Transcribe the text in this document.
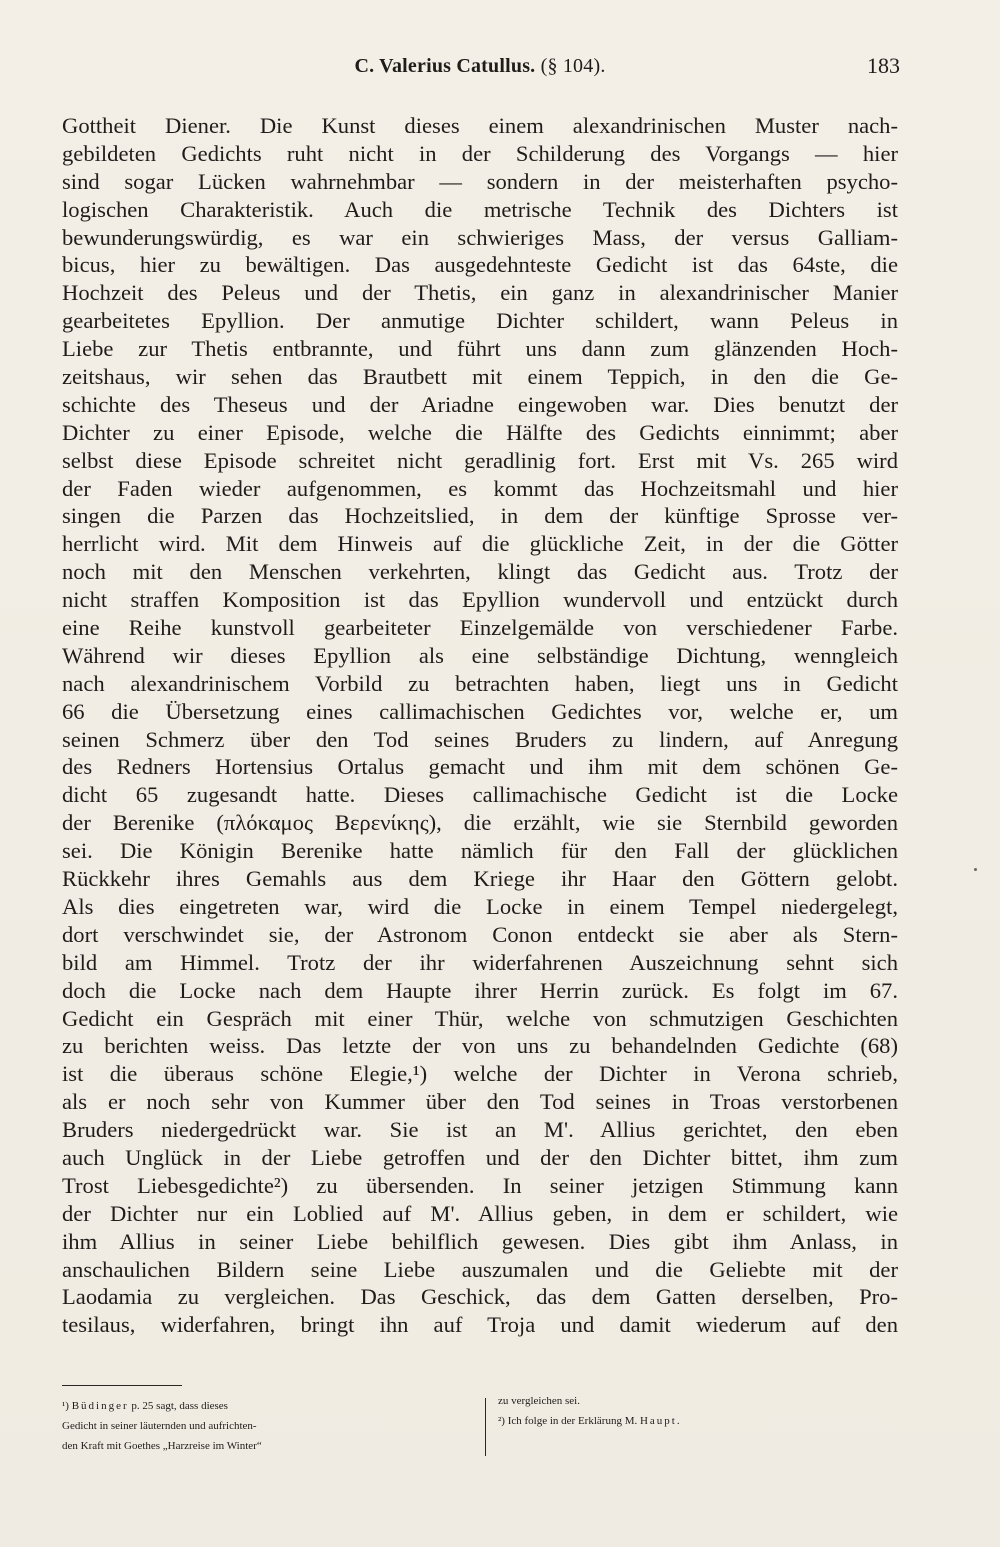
C. Valerius Catullus. (§ 104).	183
Gottheit Diener. Die Kunst dieses einem alexandrinischen Muster nach-
gebildeten Gedichts ruht nicht in der Schilderung des Vorgangs — hier
sind sogar Lücken wahrnehmbar — sondern in der meisterhaften psycho-
logischen Charakteristik. Auch die metrische Technik des Dichters ist
bewunderungswürdig, es war ein schwieriges Mass, der versus Galliam-
bicus, hier zu bewältigen. Das ausgedehnteste Gedicht ist das 64ste, die
Hochzeit des Peleus und der Thetis, ein ganz in alexandrinischer Manier
gearbeitetes Epyllion. Der anmutige Dichter schildert, wann Peleus in
Liebe zur Thetis entbrannte, und führt uns dann zum glänzenden Hoch-
zeitshaus, wir sehen das Brautbett mit einem Teppich, in den die Ge-
schichte des Theseus und der Ariadne eingewoben war. Dies benutzt der
Dichter zu einer Episode, welche die Hälfte des Gedichts einnimmt; aber
selbst diese Episode schreitet nicht geradlinig fort. Erst mit Vs. 265 wird
der Faden wieder aufgenommen, es kommt das Hochzeitsmahl und hier
singen die Parzen das Hochzeitslied, in dem der künftige Sprosse ver-
herrlicht wird. Mit dem Hinweis auf die glückliche Zeit, in der die Götter
noch mit den Menschen verkehrten, klingt das Gedicht aus. Trotz der
nicht straffen Komposition ist das Epyllion wundervoll und entzückt durch
eine Reihe kunstvoll gearbeiteter Einzelgemälde von verschiedener Farbe.
Während wir dieses Epyllion als eine selbständige Dichtung, wenngleich
nach alexandrinischem Vorbild zu betrachten haben, liegt uns in Gedicht
66 die Übersetzung eines callimachischen Gedichtes vor, welche er, um
seinen Schmerz über den Tod seines Bruders zu lindern, auf Anregung
des Redners Hortensius Ortalus gemacht und ihm mit dem schönen Ge-
dicht 65 zugesandt hatte. Dieses callimachische Gedicht ist die Locke
der Berenike (πλόκαμος Βερενίκης), die erzählt, wie sie Sternbild geworden
sei. Die Königin Berenike hatte nämlich für den Fall der glücklichen
Rückkehr ihres Gemahls aus dem Kriege ihr Haar den Göttern gelobt.
Als dies eingetreten war, wird die Locke in einem Tempel niedergelegt,
dort verschwindet sie, der Astronom Conon entdeckt sie aber als Stern-
bild am Himmel. Trotz der ihr widerfahrenen Auszeichnung sehnt sich
doch die Locke nach dem Haupte ihrer Herrin zurück. Es folgt im 67.
Gedicht ein Gespräch mit einer Thür, welche von schmutzigen Geschichten
zu berichten weiss. Das letzte der von uns zu behandelnden Gedichte (68)
ist die überaus schöne Elegie,¹) welche der Dichter in Verona schrieb,
als er noch sehr von Kummer über den Tod seines in Troas verstorbenen
Bruders niedergedrückt war. Sie ist an M'. Allius gerichtet, den eben
auch Unglück in der Liebe getroffen und der den Dichter bittet, ihm zum
Trost Liebesgedichte²) zu übersenden. In seiner jetzigen Stimmung kann
der Dichter nur ein Loblied auf M'. Allius geben, in dem er schildert, wie
ihm Allius in seiner Liebe behilflich gewesen. Dies gibt ihm Anlass, in
anschaulichen Bildern seine Liebe auszumalen und die Geliebte mit der
Laodamia zu vergleichen. Das Geschick, das dem Gatten derselben, Pro-
tesilaus, widerfahren, bringt ihn auf Troja und damit wiederum auf den
¹) Büdinger p. 25 sagt, dass dieses
Gedicht in seiner läuternden und aufrichten-
den Kraft mit Goethes „Harzreise im Winter“
zu vergleichen sei.
²) Ich folge in der Erklärung M. Haupt.
